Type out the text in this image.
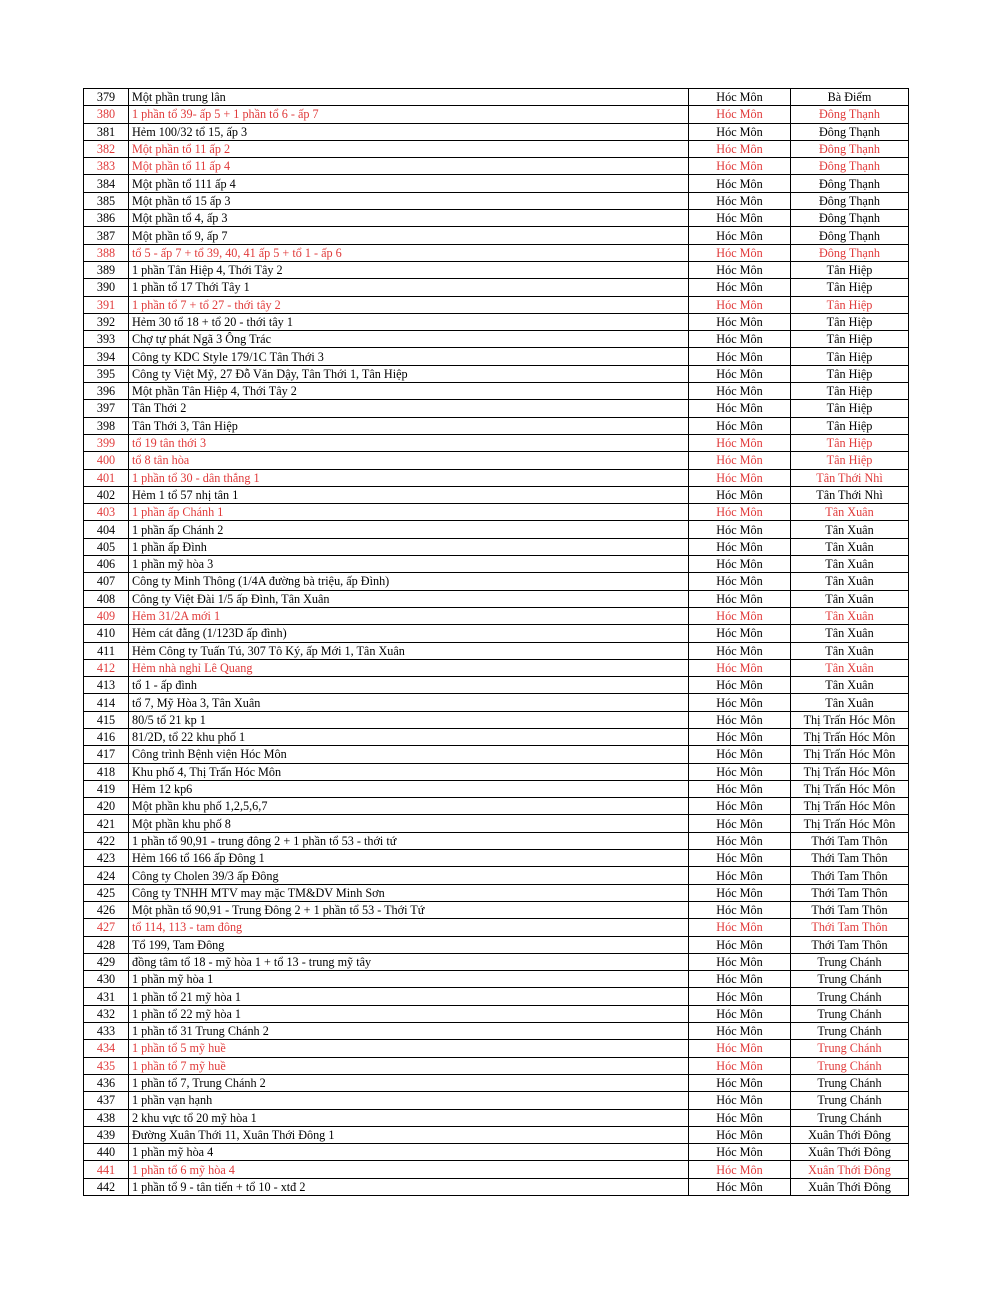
379	Một phần trung lân	Hóc Môn	Bà Điểm
380	1 phần tổ 39- ấp 5 + 1 phần tổ 6 - ấp 7	Hóc Môn	Đông Thạnh
381	Hẻm 100/32 tổ 15, ấp 3	Hóc Môn	Đông Thạnh
382	Một phần tổ 11 ấp 2	Hóc Môn	Đông Thạnh
383	Một phần tổ 11 ấp 4	Hóc Môn	Đông Thạnh
384	Một phần tổ 111 ấp 4	Hóc Môn	Đông Thạnh
385	Một phần tổ 15 ấp 3	Hóc Môn	Đông Thạnh
386	Một phần tổ 4, ấp 3	Hóc Môn	Đông Thạnh
387	Một phần tổ 9, ấp 7	Hóc Môn	Đông Thạnh
388	tổ 5 - ấp 7 + tổ 39, 40, 41 ấp 5 + tổ 1 - ấp 6	Hóc Môn	Đông Thạnh
389	1 phần Tân Hiệp 4, Thới Tây 2	Hóc Môn	Tân Hiệp
390	1 phần tổ 17 Thới Tây 1	Hóc Môn	Tân Hiệp
391	1 phần tổ 7 + tổ 27 - thới tây 2	Hóc Môn	Tân Hiệp
392	Hẻm 30 tổ 18 + tổ 20 - thới tây 1	Hóc Môn	Tân Hiệp
393	Chợ tự phát Ngã 3 Ông Trác	Hóc Môn	Tân Hiệp
394	Công ty KDC Style 179/1C Tân Thới 3	Hóc Môn	Tân Hiệp
395	Công ty Việt Mỹ, 27 Đỗ Văn Dậy, Tân Thới 1, Tân Hiệp	Hóc Môn	Tân Hiệp
396	Một phần Tân Hiệp 4, Thới Tây 2	Hóc Môn	Tân Hiệp
397	Tân Thới 2	Hóc Môn	Tân Hiệp
398	Tân Thới 3, Tân Hiệp	Hóc Môn	Tân Hiệp
399	tổ 19 tân thới 3	Hóc Môn	Tân Hiệp
400	tổ 8 tân hòa	Hóc Môn	Tân Hiệp
401	1 phần tổ 30 - dân thắng 1	Hóc Môn	Tân Thới Nhì
402	Hẻm 1 tổ 57 nhị tân 1	Hóc Môn	Tân Thới Nhì
403	1 phần ấp Chánh 1	Hóc Môn	Tân Xuân
404	1 phần ấp Chánh 2	Hóc Môn	Tân Xuân
405	1 phần ấp Đình	Hóc Môn	Tân Xuân
406	1 phần mỹ hòa 3	Hóc Môn	Tân Xuân
407	Công ty Minh Thông (1/4A đường bà triệu, ấp Đình)	Hóc Môn	Tân Xuân
408	Công ty Việt Đài 1/5 ấp Đình, Tân Xuân	Hóc Môn	Tân Xuân
409	Hẻm 31/2A mới 1	Hóc Môn	Tân Xuân
410	Hẻm cát đằng (1/123D ấp đình)	Hóc Môn	Tân Xuân
411	Hẻm Công ty Tuấn Tú, 307 Tô Ký, ấp Mới 1, Tân Xuân	Hóc Môn	Tân Xuân
412	Hẻm nhà nghỉ Lê Quang	Hóc Môn	Tân Xuân
413	tổ 1 - ấp đình	Hóc Môn	Tân Xuân
414	tổ 7, Mỹ Hòa 3, Tân Xuân	Hóc Môn	Tân Xuân
415	80/5 tổ 21 kp 1	Hóc Môn	Thị Trấn Hóc Môn
416	81/2D, tổ 22 khu phố 1	Hóc Môn	Thị Trấn Hóc Môn
417	Công trình Bệnh viện Hóc Môn	Hóc Môn	Thị Trấn Hóc Môn
418	Khu phố 4, Thị Trấn Hóc Môn	Hóc Môn	Thị Trấn Hóc Môn
419	Hẻm 12 kp6	Hóc Môn	Thị Trấn Hóc Môn
420	Một phần khu phố 1,2,5,6,7	Hóc Môn	Thị Trấn Hóc Môn
421	Một phần khu phố 8	Hóc Môn	Thị Trấn Hóc Môn
422	1 phần tổ 90,91 - trung đông 2 + 1 phần tổ 53 - thới tứ	Hóc Môn	Thới Tam Thôn
423	Hẻm 166 tổ 166 ấp Đông 1	Hóc Môn	Thới Tam Thôn
424	Công ty Cholen 39/3 ấp Đông	Hóc Môn	Thới Tam Thôn
425	Công ty TNHH MTV may mặc TM&DV Minh Sơn	Hóc Môn	Thới Tam Thôn
426	Một phần tổ 90,91 - Trung Đông 2 + 1 phần tổ 53 - Thới Tứ	Hóc Môn	Thới Tam Thôn
427	tổ 114, 113 - tam đông	Hóc Môn	Thới Tam Thôn
428	Tổ 199, Tam Đông	Hóc Môn	Thới Tam Thôn
429	đồng tâm tổ 18 - mỹ hòa 1 + tổ 13 - trung mỹ tây	Hóc Môn	Trung Chánh
430	1 phần mỹ hòa 1	Hóc Môn	Trung Chánh
431	1 phần tổ 21 mỹ hòa 1	Hóc Môn	Trung Chánh
432	1 phần tổ 22 mỹ hòa 1	Hóc Môn	Trung Chánh
433	1 phần tổ 31 Trung Chánh 2	Hóc Môn	Trung Chánh
434	1 phần tổ 5 mỹ huề	Hóc Môn	Trung Chánh
435	1 phần tổ 7 mỹ huề	Hóc Môn	Trung Chánh
436	1 phần tổ 7, Trung Chánh 2	Hóc Môn	Trung Chánh
437	1 phần vạn hạnh	Hóc Môn	Trung Chánh
438	2 khu vực tổ 20 mỹ hòa 1	Hóc Môn	Trung Chánh
439	Đường Xuân Thới 11, Xuân Thới Đông 1	Hóc Môn	Xuân Thới Đông
440	1 phần mỹ hòa 4	Hóc Môn	Xuân Thới Đông
441	1 phần tổ 6 mỹ hòa 4	Hóc Môn	Xuân Thới Đông
442	1 phần tổ 9 - tân tiến + tổ 10 - xtđ 2	Hóc Môn	Xuân Thới Đông
